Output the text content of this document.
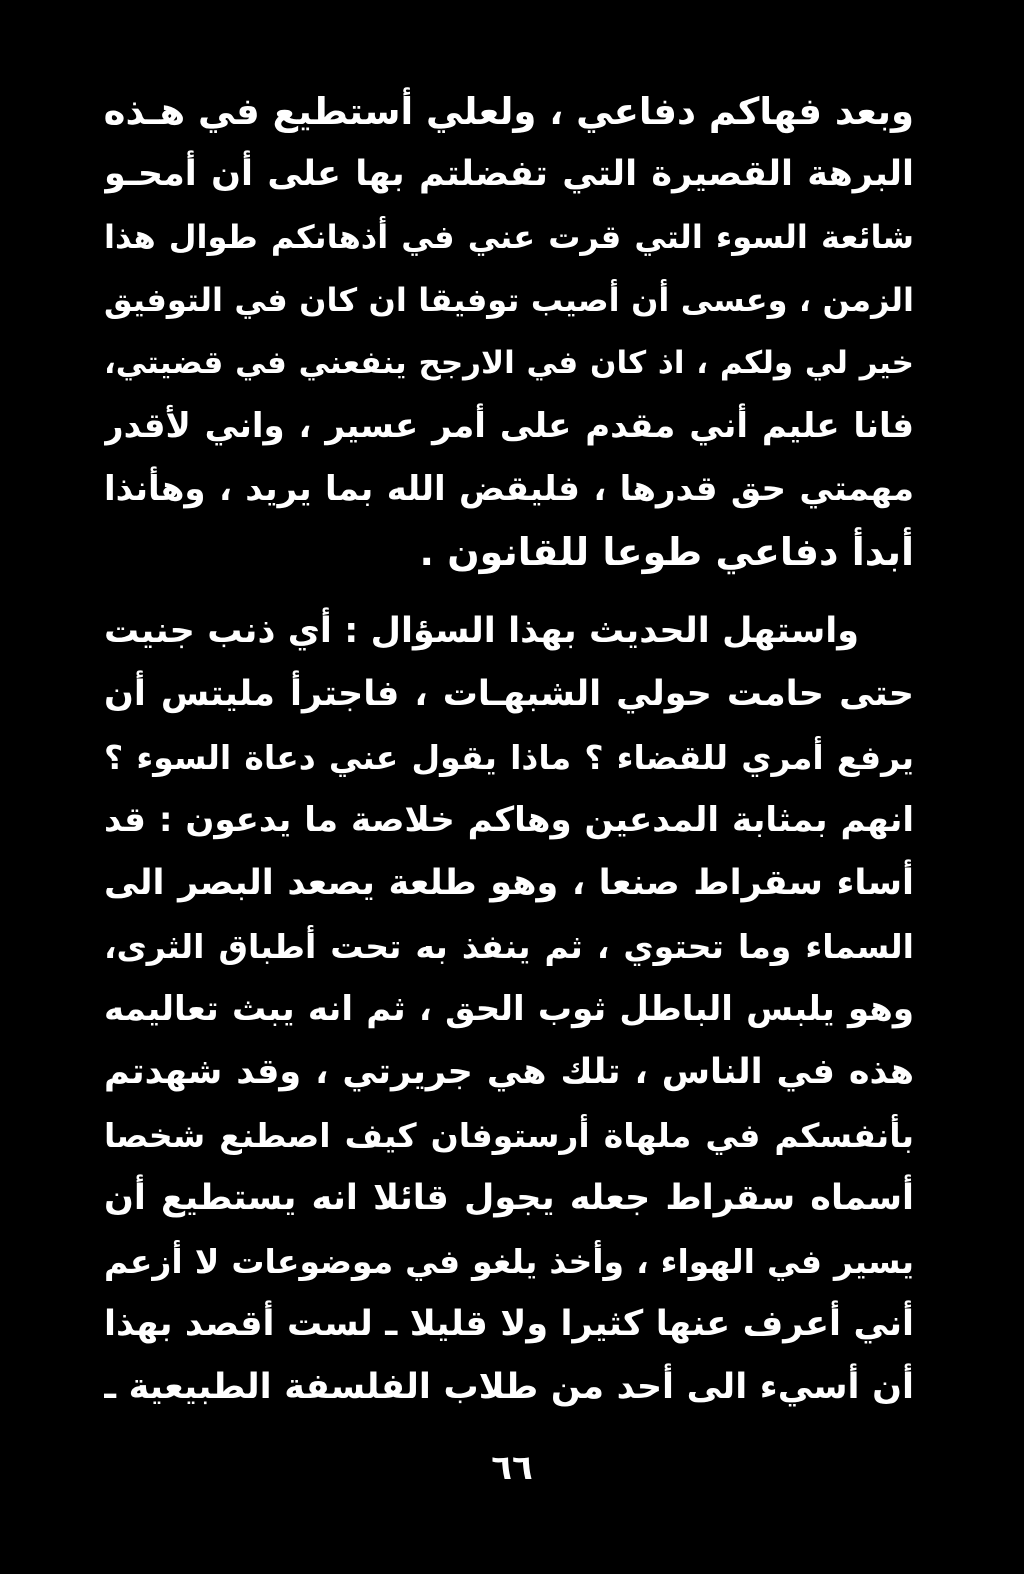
وبعد فهاكم دفاعي ، ولعلي أستطيع في هـذه
البرهة القصيرة التي تفضلتم بها على أن أمحـو
شائعة السوء التي قرت عني في أذهانكم طوال هذا
الزمن ، وعسى أن أصيب توفيقا ان كان في التوفيق
خير لي ولكم ، اذ كان في الارجح ينفعني في قضيتي،
فانا عليم أني مقدم على أمر عسير ، واني لأقدر
مهمتي حق قدرها ، فليقض الله بما يريد ، وهأنذا
أبدأ دفاعي طوعا للقانون .
واستهل الحديث بهذا السؤال : أي ذنب جنيت
حتى حامت حولي الشبهـات ، فاجترأ مليتس أن
يرفع أمري للقضاء ؟ ماذا يقول عني دعاة السوء ؟
انهم بمثابة المدعين وهاكم خلاصة ما يدعون : قد
أساء سقراط صنعا ، وهو طلعة يصعد البصر الى
السماء وما تحتوي ، ثم ينفذ به تحت أطباق الثرى،
وهو يلبس الباطل ثوب الحق ، ثم انه يبث تعاليمه
هذه في الناس ، تلك هي جريرتي ، وقد شهدتم
بأنفسكم في ملهاة أرستوفان كيف اصطنع شخصا
أسماه سقراط جعله يجول قائلا انه يستطيع أن
يسير في الهواء ، وأخذ يلغو في موضوعات لا أزعم
أني أعرف عنها كثيرا ولا قليلا ـ لست أقصد بهذا
أن أسيء الى أحد من طلاب الفلسفة الطبيعية ـ
٦٦
